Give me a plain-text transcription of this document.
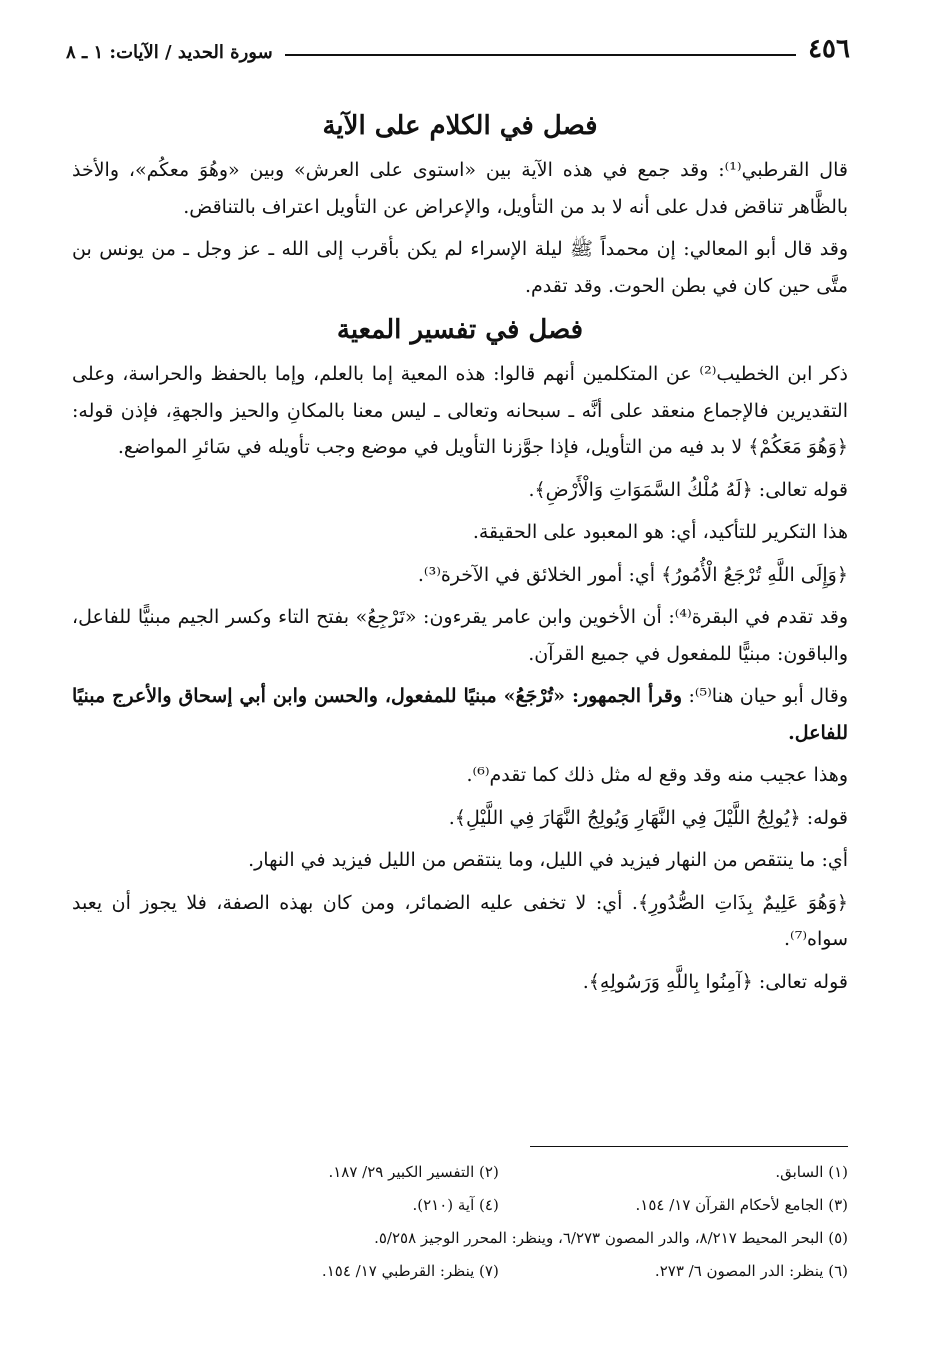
٤٥٦
سورة الحديد / الآيات: ١ ـ ٨
فصل في الكلام على الآية

قال القرطبي⁽¹⁾: وقد جمع في هذه الآية بين «استوى على العرش» وبين «وهُوَ معكُم»، والأخذ بالظَّاهر تناقض فدل على أنه لا بد من التأويل، والإعراض عن التأويل اعتراف بالتناقض.

وقد قال أبو المعالي: إن محمداً ﷺ ليلة الإسراء لم يكن بأقرب إلى الله ـ عز وجل ـ من يونس بن متَّى حين كان في بطن الحوت. وقد تقدم.

فصل في تفسير المعية

ذكر ابن الخطيب⁽²⁾ عن المتكلمين أنهم قالوا: هذه المعية إما بالعلم، وإما بالحفظ والحراسة، وعلى التقديرين فالإجماع منعقد على أنَّه ـ سبحانه وتعالى ـ ليس معنا بالمكانِ والحيز والجهةِ، فإذن قوله: ﴿وَهُوَ مَعَكُمْ﴾ لا بد فيه من التأويل، فإذا جوَّزنا التأويل في موضع وجب تأويله في سَائرِ المواضع.

قوله تعالى: ﴿لَهُ مُلْكُ السَّمَوَاتِ وَالْأَرْضِ﴾.

هذا التكرير للتأكيد، أي: هو المعبود على الحقيقة.

﴿وَإِلَى اللَّهِ تُرْجَعُ الْأُمُورُ﴾ أي: أمور الخلائق في الآخرة⁽³⁾.

وقد تقدم في البقرة⁽⁴⁾: أن الأخوين وابن عامر يقرءون: «تَرْجِعُ» بفتح التاء وكسر الجيم مبنيًّا للفاعل، والباقون: مبنيًّا للمفعول في جميع القرآن.

وقال أبو حيان هنا⁽⁵⁾: وقرأ الجمهور: «تُرْجَعُ» مبنيًا للمفعول، والحسن وابن أبي إسحاق والأعرج مبنيًا للفاعل.

وهذا عجيب منه وقد وقع له مثل ذلك كما تقدم⁽⁶⁾.

قوله: ﴿يُولِجُ اللَّيْلَ فِي النَّهَارِ وَيُولِجُ النَّهَارَ فِي اللَّيْلِ﴾.

أي: ما ينتقص من النهار فيزيد في الليل، وما ينتقص من الليل فيزيد في النهار.

﴿وَهُوَ عَلِيمٌ بِذَاتِ الصُّدُورِ﴾. أي: لا تخفى عليه الضمائر، ومن كان بهذه الصفة، فلا يجوز أن يعبد سواه⁽⁷⁾.

قوله تعالى: ﴿آمِنُوا بِاللَّهِ وَرَسُولِهِ﴾.

(١) السابق.
(٢) التفسير الكبير ٢٩/ ١٨٧.
(٣) الجامع لأحكام القرآن ١٧/ ١٥٤.
(٤) آية (٢١٠).
(٥) البحر المحيط ٨/٢١٧، والدر المصون ٦/٢٧٣، وينظر: المحرر الوجيز ٥/٢٥٨.
(٦) ينظر: الدر المصون ٦/ ٢٧٣.
(٧) ينظر: القرطبي ١٧/ ١٥٤.
